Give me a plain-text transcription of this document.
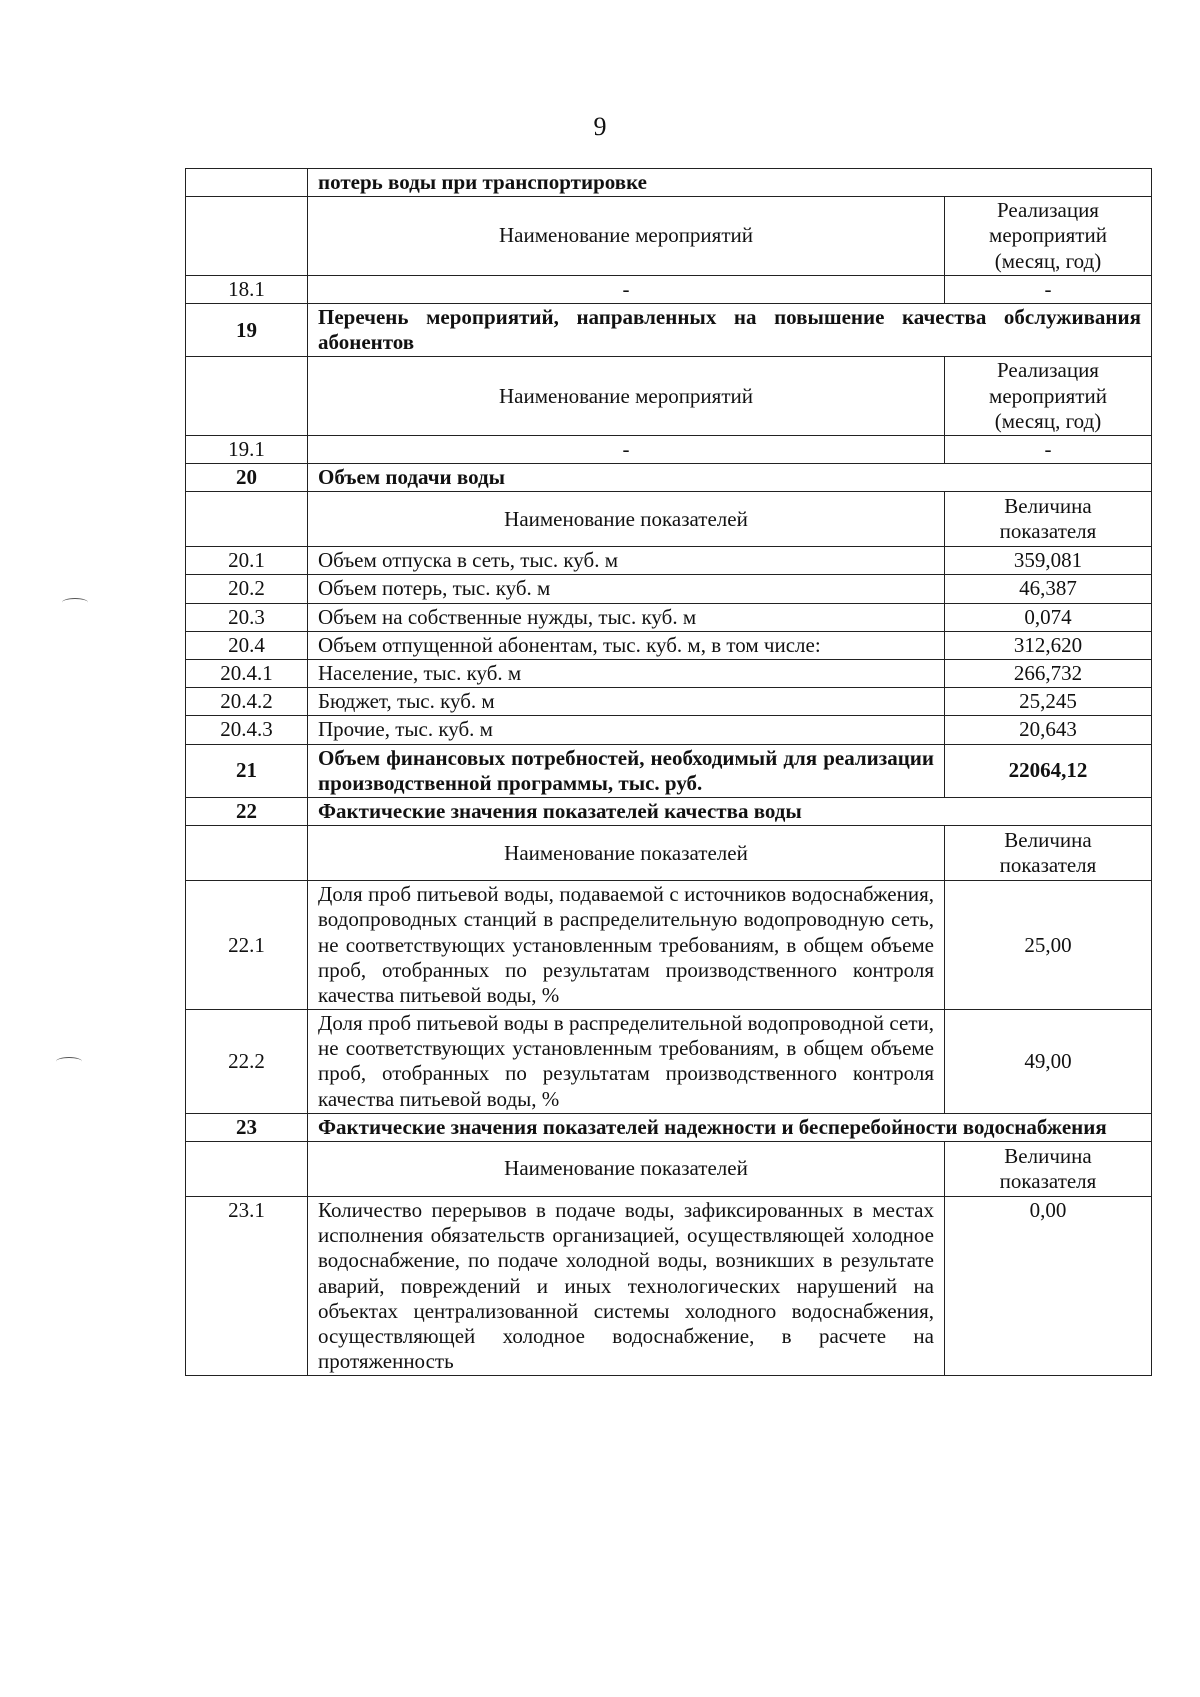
9
	потерь воды при транспортировке	
	Наименование мероприятий	Реализация мероприятий (месяц, год)
18.1	-	-
19	Перечень мероприятий, направленных на повышение качества обслуживания абонентов	
	Наименование мероприятий	Реализация мероприятий (месяц, год)
19.1	-	-
20	Объем подачи воды	
	Наименование показателей	Величина показателя
20.1	Объем отпуска в сеть, тыс. куб. м	359,081
20.2	Объем потерь, тыс. куб. м	46,387
20.3	Объем на собственные нужды, тыс. куб. м	0,074
20.4	Объем отпущенной абонентам, тыс. куб. м, в том числе:	312,620
20.4.1	Население, тыс. куб. м	266,732
20.4.2	Бюджет, тыс. куб. м	25,245
20.4.3	Прочие, тыс. куб. м	20,643
21	Объем финансовых потребностей, необходимый для реализации производственной программы, тыс. руб.	22064,12
22	Фактические значения показателей качества воды	
	Наименование показателей	Величина показателя
22.1	Доля проб питьевой воды, подаваемой с источников водоснабжения, водопроводных станций в распределительную водопроводную сеть, не соответствующих установленным требованиям, в общем объеме проб, отобранных по результатам производственного контроля качества питьевой воды, %	25,00
22.2	Доля проб питьевой воды в распределительной водопроводной сети, не соответствующих установленным требованиям, в общем объеме проб, отобранных по результатам производственного контроля качества питьевой воды, %	49,00
23	Фактические значения показателей надежности и бесперебойности водоснабжения	
	Наименование показателей	Величина показателя
23.1	Количество перерывов в подаче воды, зафиксированных в местах исполнения обязательств организацией, осуществляющей холодное водоснабжение, по подаче холодной воды, возникших в результате аварий, повреждений и иных технологических нарушений на объектах централизованной системы холодного водоснабжения, осуществляющей холодное водоснабжение, в расчете на протяженность	0,00
